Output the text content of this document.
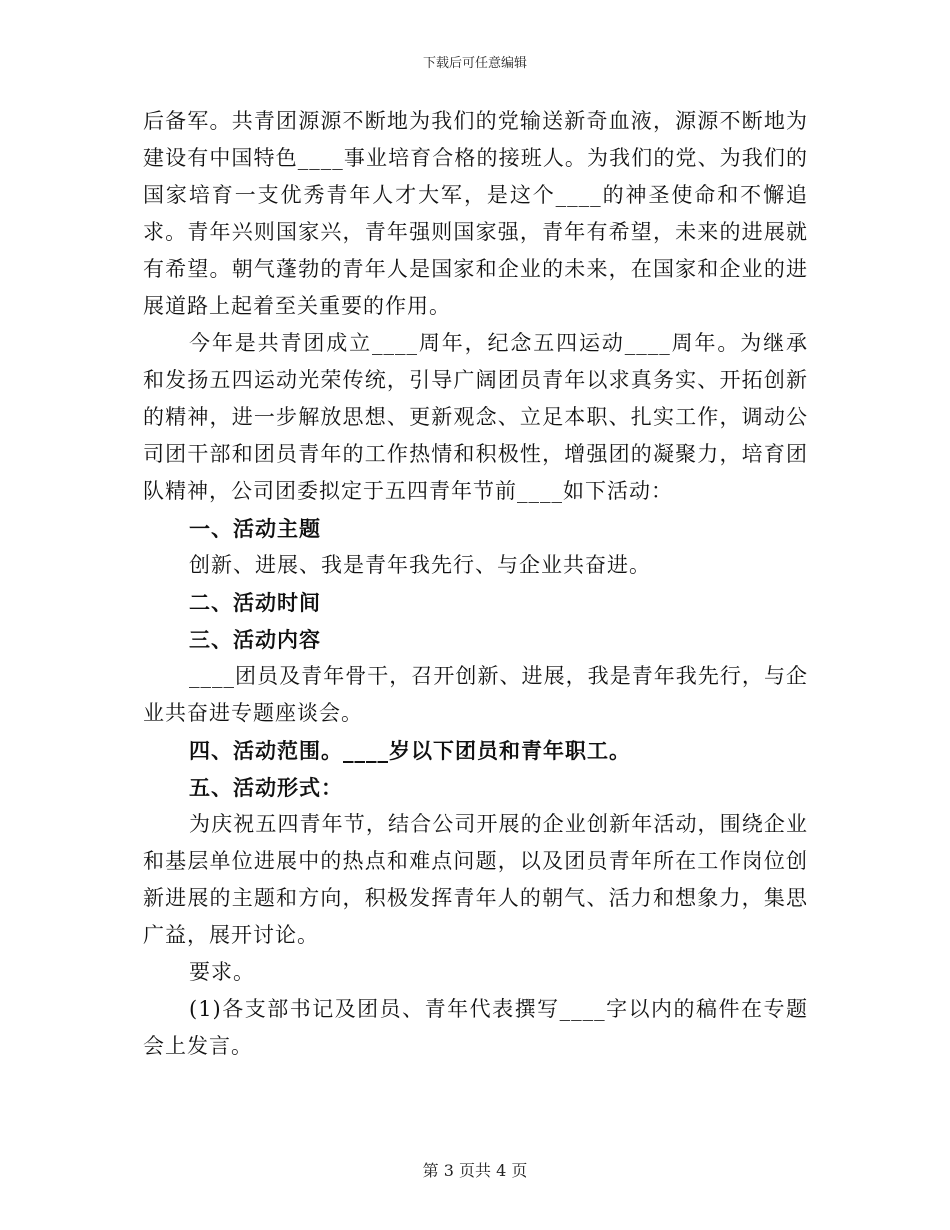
下载后可任意编辑

后备军。共青团源源不断地为我们的党输送新奇血液，源源不断地为建设有中国特色____事业培育合格的接班人。为我们的党、为我们的国家培育一支优秀青年人才大军，是这个____的神圣使命和不懈追求。青年兴则国家兴，青年强则国家强，青年有希望，未来的进展就有希望。朝气蓬勃的青年人是国家和企业的未来，在国家和企业的进展道路上起着至关重要的作用。

今年是共青团成立____周年，纪念五四运动____周年。为继承和发扬五四运动光荣传统，引导广阔团员青年以求真务实、开拓创新的精神，进一步解放思想、更新观念、立足本职、扎实工作，调动公司团干部和团员青年的工作热情和积极性，增强团的凝聚力，培育团队精神，公司团委拟定于五四青年节前____如下活动：

一、活动主题

创新、进展、我是青年我先行、与企业共奋进。

二、活动时间

三、活动内容

____团员及青年骨干，召开创新、进展，我是青年我先行，与企业共奋进专题座谈会。

四、活动范围。____岁以下团员和青年职工。

五、活动形式：

为庆祝五四青年节，结合公司开展的企业创新年活动，围绕企业和基层单位进展中的热点和难点问题，以及团员青年所在工作岗位创新进展的主题和方向，积极发挥青年人的朝气、活力和想象力，集思广益，展开讨论。

要求。

(1)各支部书记及团员、青年代表撰写____字以内的稿件在专题会上发言。

第 3 页共 4 页
